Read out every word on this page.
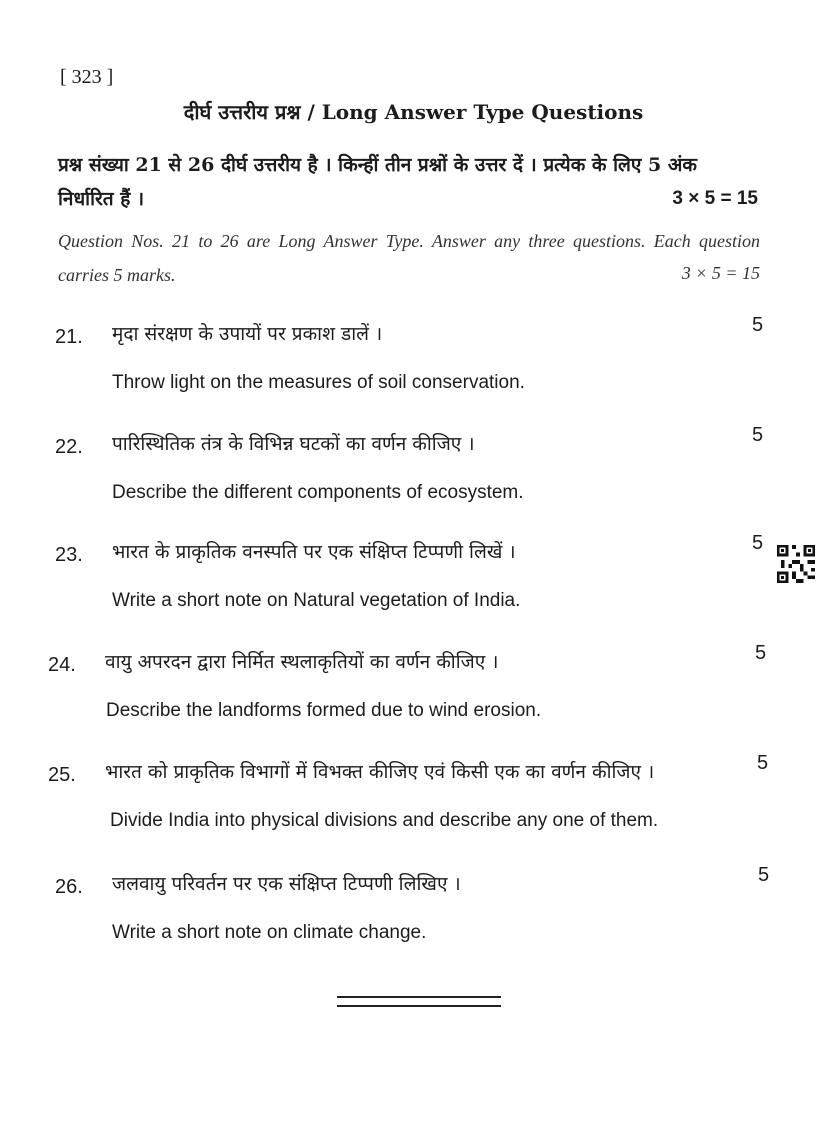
[ 323 ]
दीर्घ उत्तरीय प्रश्न / Long Answer Type Questions
प्रश्न संख्या 21 से 26 दीर्घ उत्तरीय है । किन्हीं तीन प्रश्नों के उत्तर दें । प्रत्येक के लिए 5 अंक निर्धारित हैं ।	3 × 5 = 15
Question Nos. 21 to 26 are Long Answer Type. Answer any three questions. Each question carries 5 marks.	3 × 5 = 15
21. मृदा संरक्षण के उपायों पर प्रकाश डालें ।	5
Throw light on the measures of soil conservation.
22. पारिस्थितिक तंत्र के विभिन्न घटकों का वर्णन कीजिए ।	5
Describe the different components of ecosystem.
23. भारत के प्राकृतिक वनस्पति पर एक संक्षिप्त टिप्पणी लिखें ।	5
Write a short note on Natural vegetation of India.
24. वायु अपरदन द्वारा निर्मित स्थलाकृतियों का वर्णन कीजिए ।	5
Describe the landforms formed due to wind erosion.
25. भारत को प्राकृतिक विभागों में विभक्त कीजिए एवं किसी एक का वर्णन कीजिए ।	5
Divide India into physical divisions and describe any one of them.
26. जलवायु परिवर्तन पर एक संक्षिप्त टिप्पणी लिखिए ।	5
Write a short note on climate change.
